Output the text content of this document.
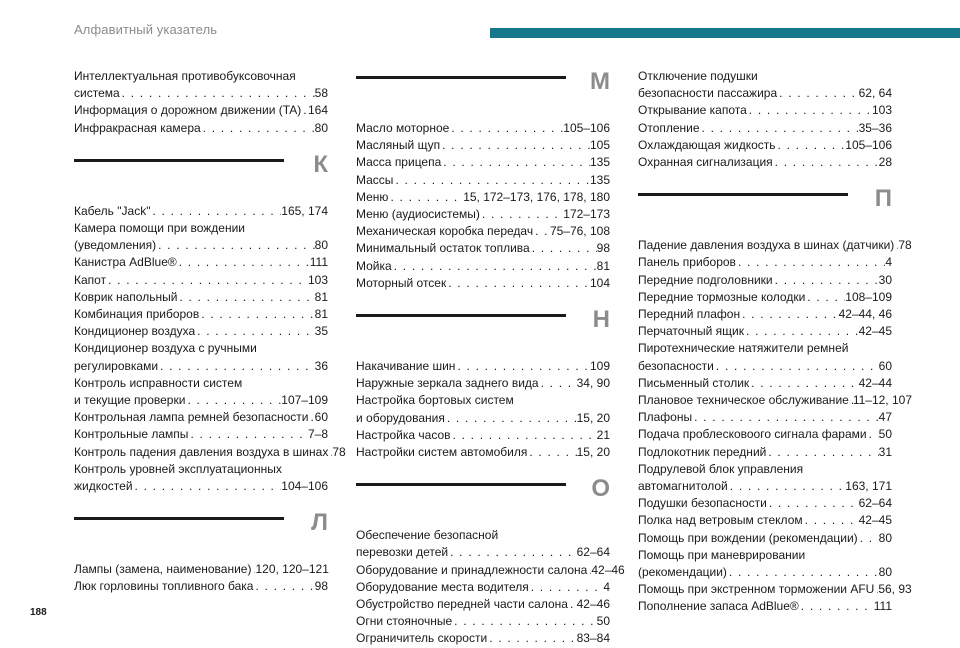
Алфавитный указатель
Интеллектуальная противобуксовочная
система . . .	58
Информация о дорожном движении (TA) . . . 164
Инфракрасная камера . . .	80
К
Кабель "Jack" . . .	165, 174
Камера помощи при вождении
(уведомления) . . .	80
Канистра AdBlue® . . .	111
Капот . . .	103
Коврик напольный . . .	81
Комбинация приборов . . .	81
Кондиционер воздуха . . .	35
Кондиционер воздуха с ручными
регулировками . . .	36
Контроль исправности систем
и текущие проверки . . .	107–109
Контрольная лампа ремней безопасности . . . 60
Контрольные лампы . . .	7–8
Контроль падения давления воздуха в шинах . . . 78
Контроль уровней эксплуатационных
жидкостей . . .	104–106
Л
Лампы (замена, наименование) . . . 120, 120–121
Люк горловины топливного бака . . .	98
М
Масло моторное . . .	105–106
Масляный щуп . . .	105
Масса прицепа . . .	135
Массы . . .	135
Меню . . .	15, 172–173, 176, 178, 180
Меню (аудиосистемы) . . .	172–173
Механическая коробка передач . . . 75–76, 108
Минимальный остаток топлива . . .	98
Мойка . . .	81
Моторный отсек . . .	104
Н
Накачивание шин . . .	109
Наружные зеркала заднего вида . . .	34, 90
Настройка бортовых систем
и оборудования . . .	15, 20
Настройка часов . . .	21
Настройки систем автомобиля . . .	15, 20
О
Обеспечение безопасной
перевозки детей . . .	62–64
Оборудование и принадлежности салона . . . 42–46
Оборудование места водителя . . .	4
Обустройство передней части салона . . . 42–46
Огни стояночные . . .	50
Ограничитель скорости . . .	83–84
Отключение подушки
безопасности пассажира . . .	62, 64
Открывание капота . . .	103
Отопление . . .	35–36
Охлаждающая жидкость . . .	105–106
Охранная сигнализация . . .	28
П
Падение давления воздуха в шинах (датчики) . . . 78
Панель приборов . . .	4
Передние подголовники . . .	30
Передние тормозные колодки . . .	108–109
Передний плафон . . .	42–44, 46
Перчаточный ящик . . .	42–45
Пиротехнические натяжители ремней
безопасности . . .	60
Письменный столик . . .	42–44
Плановое техническое обслуживание . . . 11–12, 107
Плафоны . . .	47
Подача проблесковоого сигнала фарами . . . 50
Подлокотник передний . . .	31
Подрулевой блок управления
автомагнитолой . . .	163, 171
Подушки безопасности . . .	62–64
Полка над ветровым стеклом . . .	42–45
Помощь при вождении (рекомендации) . . . 80
Помощь при маневрировании
(рекомендации) . . .	80
Помощь при экстренном торможении AFU . . . 56, 93
Пополнение запаса AdBlue® . . .	111
188
